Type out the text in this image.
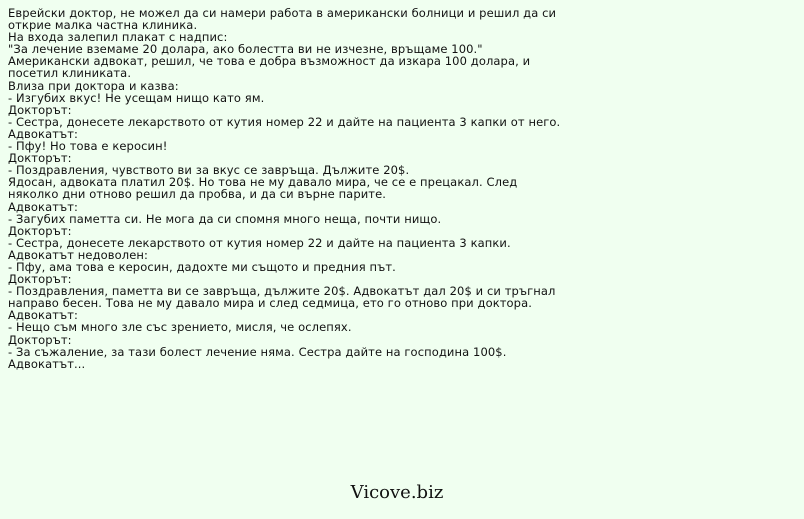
Еврейски доктор, не можел да си намери работа в американски болници и решил да си открие малка частна клиника.
На входа залепил плакат с надпис:
"За лечение вземаме 20 долара, ако болестта ви не изчезне, връщаме 100."
Американски адвокат, решил, че това е добра възможност да изкара 100 долара, и посетил клиниката.
Влиза при доктора и казва:
- Изгубих вкус! Не усещам нищо като ям.
Докторът:
- Сестра, донесете лекарството от кутия номер 22 и дайте на пациента 3 капки от него.
Адвокатът:
- Пфу! Но това е керосин!
Докторът:
- Поздравления, чувството ви за вкус се завръща. Дължите 20$.
Ядосан, адвоката платил 20$. Но това не му давало мира, че се е прецакал. След няколко дни отново решил да пробва, и да си върне парите.
Адвокатът:
- Загубих паметта си. Не мога да си спомня много неща, почти нищо.
Докторът:
- Сестра, донесете лекарството от кутия номер 22 и дайте на пациента 3 капки.
Адвокатът недоволен:
- Пфу, ама това е керосин, дадохте ми същото и предния път.
Докторът:
- Поздравления, паметта ви се завръща, дължите 20$. Адвокатът дал 20$ и си тръгнал направо бесен. Това не му давало мира и след седмица, ето го отново при доктора.
Адвокатът:
- Нещо съм много зле със зрението, мисля, че ослепях.
Докторът:
- За съжаление, за тази болест лечение няма. Сестра дайте на господина 100$.
Адвокатът...
Vicove.biz
